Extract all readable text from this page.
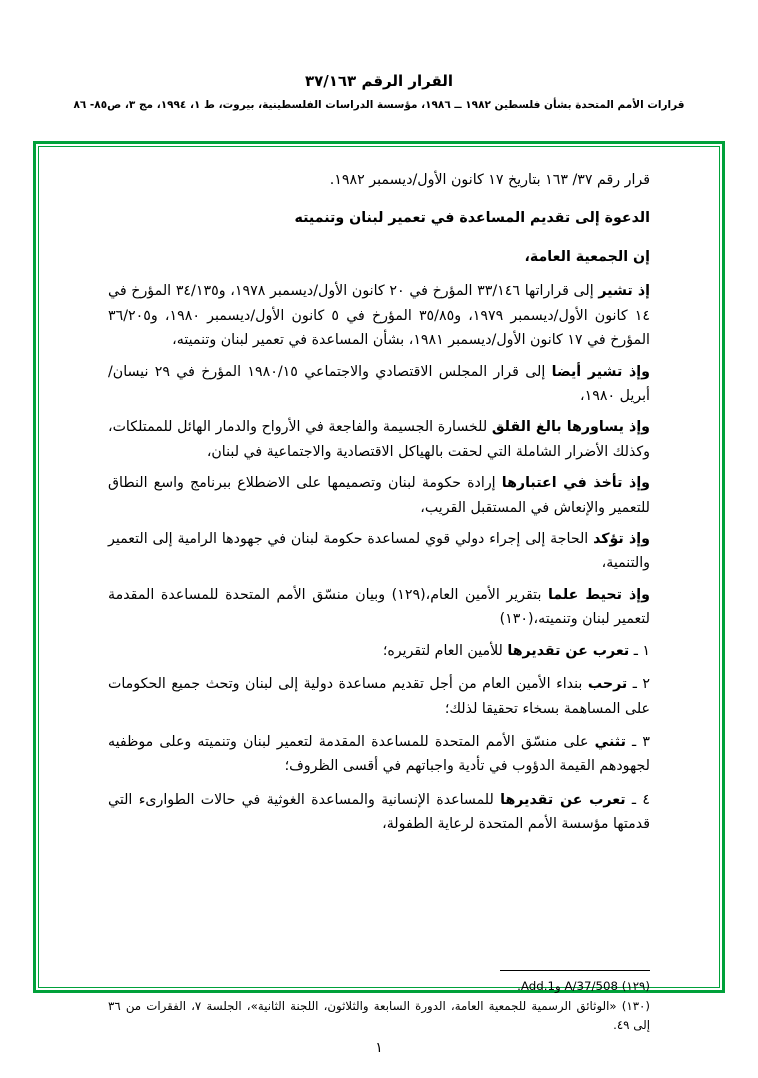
القرار الرقم ٣٧/١٦٣
قرارات الأمم المتحدة بشأن فلسطين ١٩٨٢ ــ ١٩٨٦، مؤسسة الدراسات الفلسطينية، بيروت، ط ١، ١٩٩٤، مج ٣، ص٨٥- ٨٦

قرار رقم ٣٧/ ١٦٣ بتاريخ ١٧ كانون الأول/ديسمبر ١٩٨٢.

الدعوة إلى تقديم المساعدة في تعمير لبنان وتنميته

إن الجمعية العامة،

إذ تشير إلى قراراتها ٣٣/١٤٦ المؤرخ في ٢٠ كانون الأول/ديسمبر ١٩٧٨، و٣٤/١٣٥ المؤرخ في ١٤ كانون الأول/ديسمبر ١٩٧٩، و٣٥/٨٥ المؤرخ في ٥ كانون الأول/ديسمبر ١٩٨٠، و٣٦/٢٠٥ المؤرخ في ١٧ كانون الأول/ديسمبر ١٩٨١، بشأن المساعدة في تعمير لبنان وتنميته،

وإذ تشير أيضا إلى قرار المجلس الاقتصادي والاجتماعي ١٩٨٠/١٥ المؤرخ في ٢٩ نيسان/أبريل ١٩٨٠،

وإذ يساورها بالغ القلق للخسارة الجسيمة والفاجعة في الأرواح والدمار الهائل للممتلكات، وكذلك الأضرار الشاملة التي لحقت بالهياكل الاقتصادية والاجتماعية في لبنان،

وإذ تأخذ في اعتبارها إرادة حكومة لبنان وتصميمها على الاضطلاع ببرنامج واسع النطاق للتعمير والإنعاش في المستقبل القريب،

وإذ تؤكد الحاجة إلى إجراء دولي قوي لمساعدة حكومة لبنان في جهودها الرامية إلى التعمير والتنمية،

وإذ تحيط علما بتقرير الأمين العام،(١٢٩) وبيان منسّق الأمم المتحدة للمساعدة المقدمة لتعمير لبنان وتنميته،(١٣٠)

١ ـ تعرب عن تقديرها للأمين العام لتقريره؛

٢ ـ ترحب بنداء الأمين العام من أجل تقديم مساعدة دولية إلى لبنان وتحث جميع الحكومات على المساهمة بسخاء تحقيقا لذلك؛

٣ ـ تثني على منسّق الأمم المتحدة للمساعدة المقدمة لتعمير لبنان وتنميته وعلى موظفيه لجهودهم القيمة الدؤوب في تأدية واجباتهم في أقسى الظروف؛

٤ ـ تعرب عن تقديرها للمساعدة الإنسانية والمساعدة الغوثية في حالات الطوارىء التي قدمتها مؤسسة الأمم المتحدة لرعاية الطفولة،

(١٢٩) A/37/508 وAdd.1.

(١٣٠) «الوثائق الرسمية للجمعية العامة، الدورة السابعة والثلاثون، اللجنة الثانية»، الجلسة ٧، الفقرات من ٣٦ إلى ٤٩.

١
